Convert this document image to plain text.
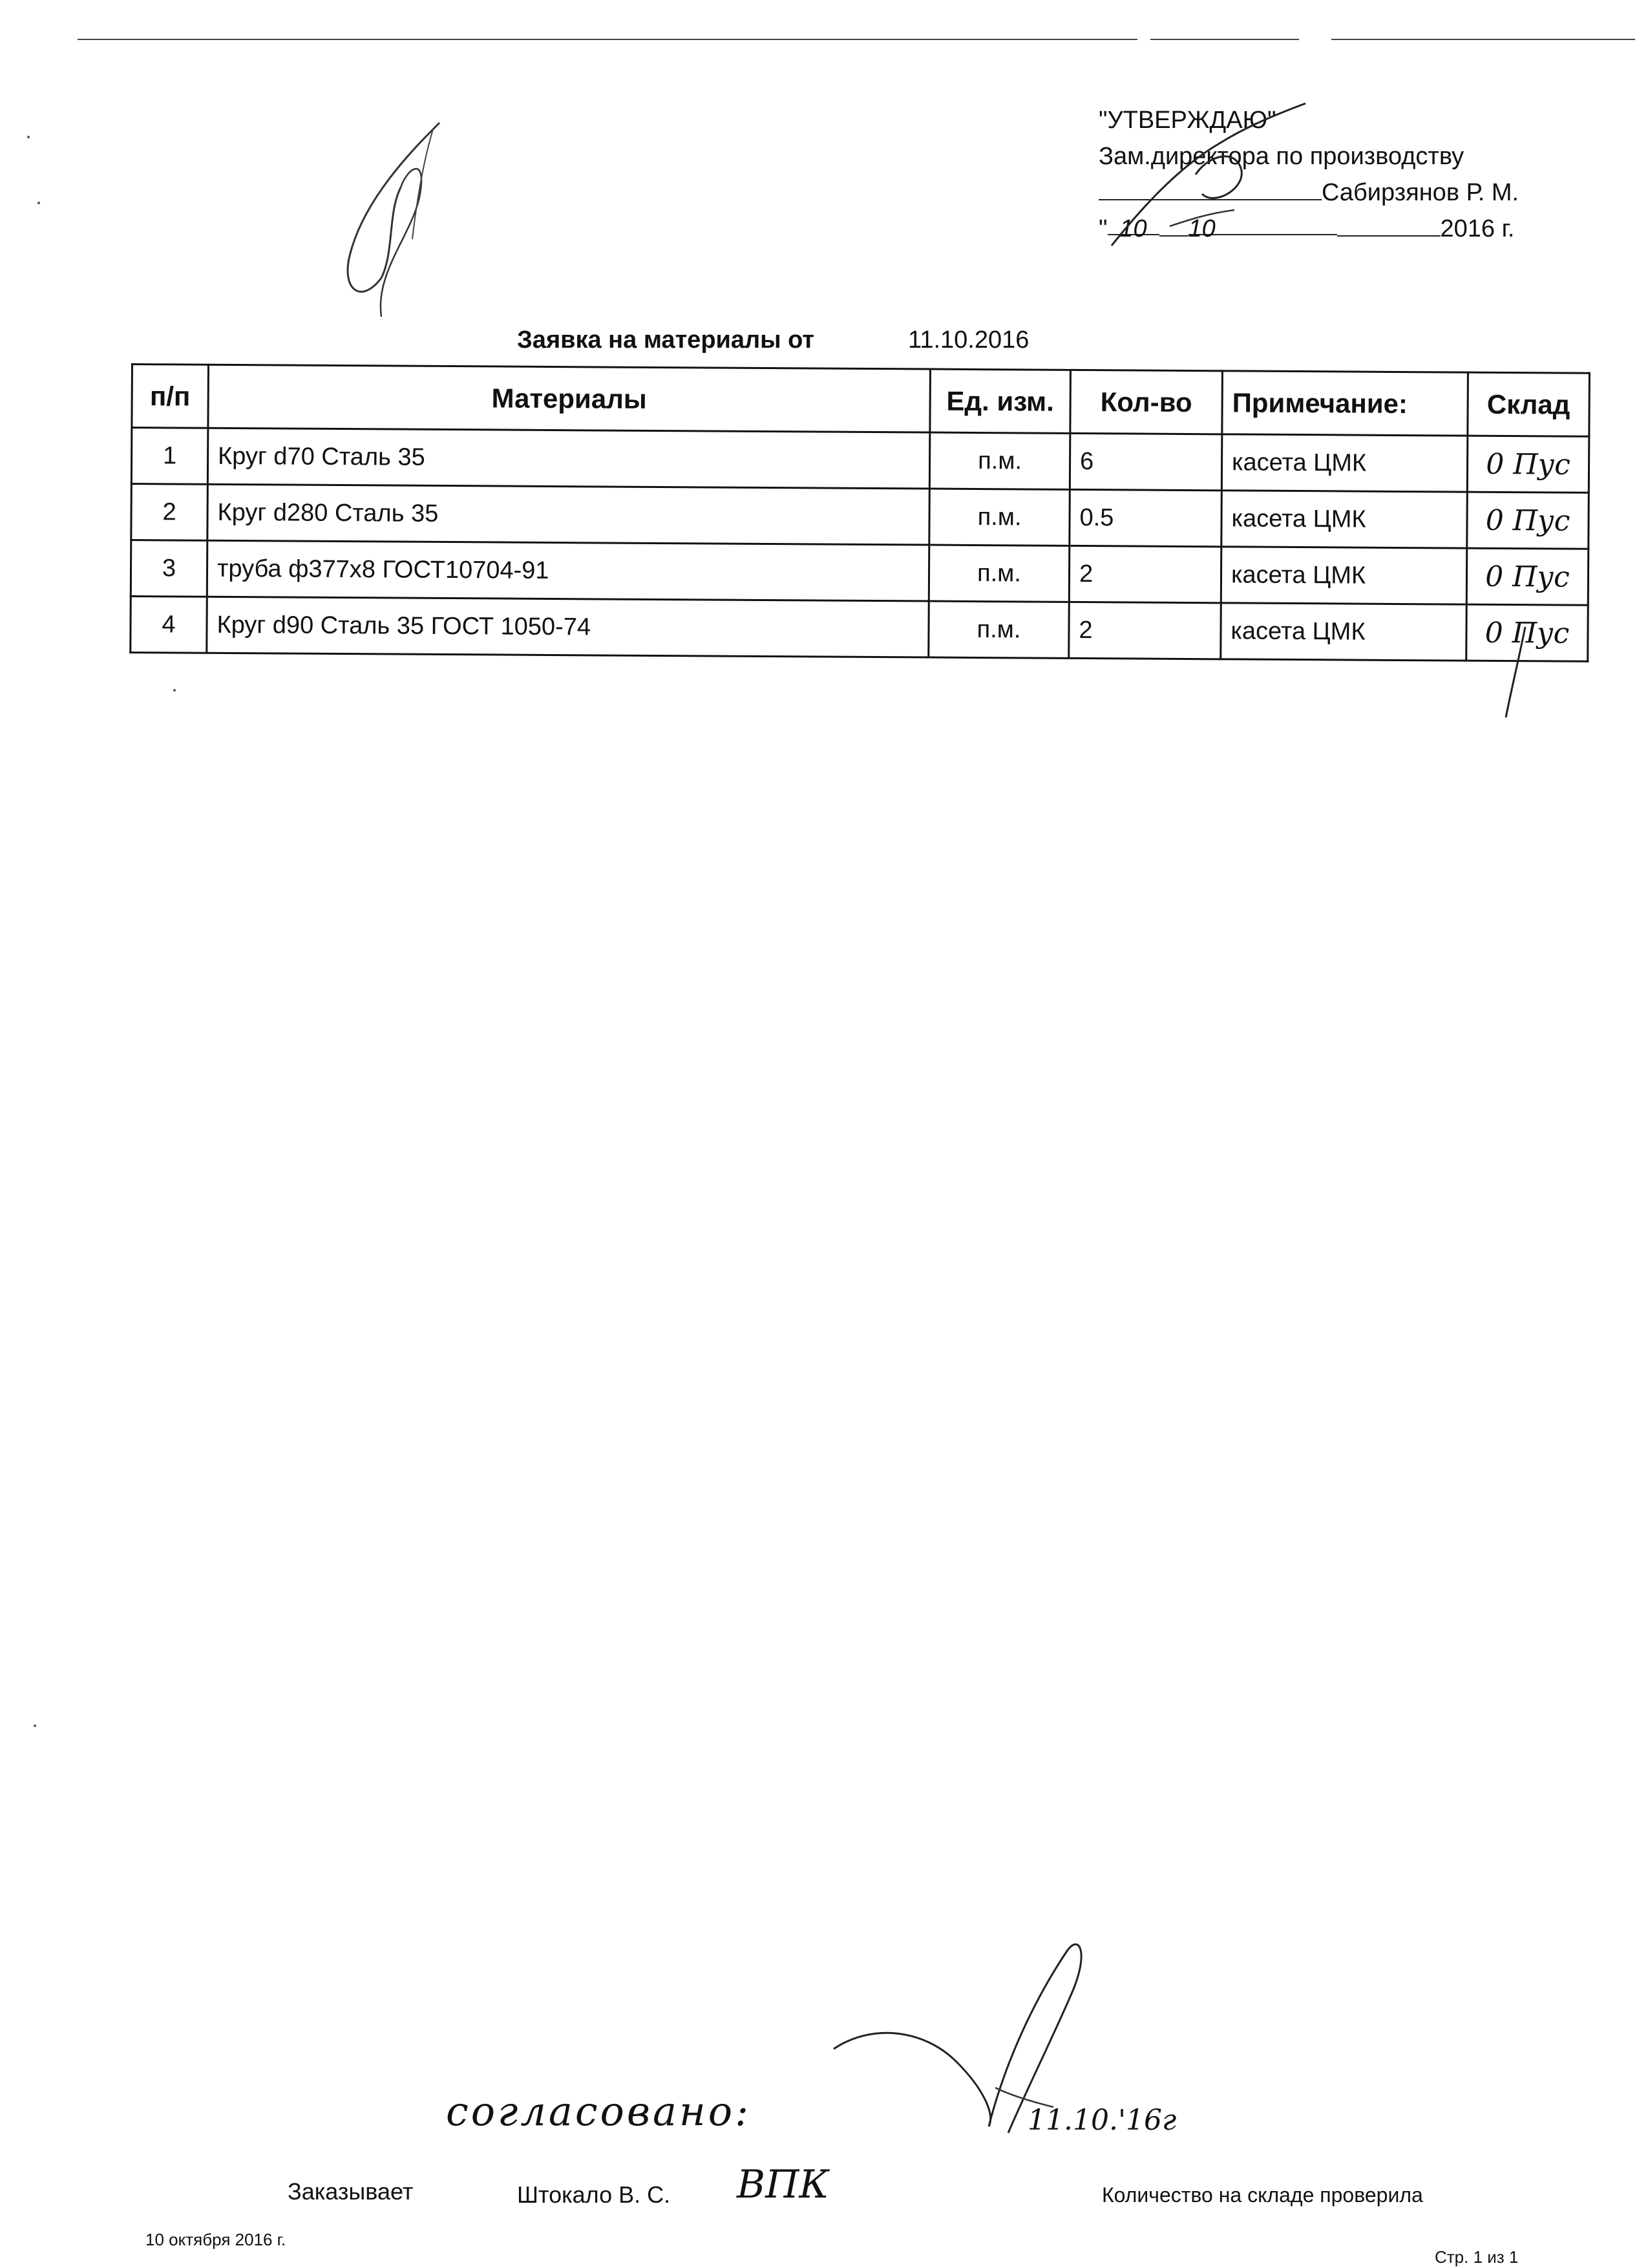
"УТВЕРЖДАЮ"
Зам.директора по производству
Сабирзянов Р. М.
" 10 10	2016 г.
Заявка на материалы от	11.10.2016
п/п	Материалы	Ед. изм.	Кол-во	Примечание:	Склад
1	Круг d70 Сталь 35	п.м.	6	касета ЦМК	0 Пус
2	Круг d280 Сталь 35	п.м.	0.5	касета ЦМК	0 Пус
3	труба ф377х8 ГОСТ10704-91	п.м.	2	касета ЦМК	0 Пус
4	Круг d90 Сталь 35 ГОСТ 1050-74	п.м.	2	касета ЦМК	0 Пус
согласовано:	11.10.'16г
Заказывает	Штокало В. С. ВПК	Количество на складе проверила
10 октября 2016 г.
Стр. 1 из 1
